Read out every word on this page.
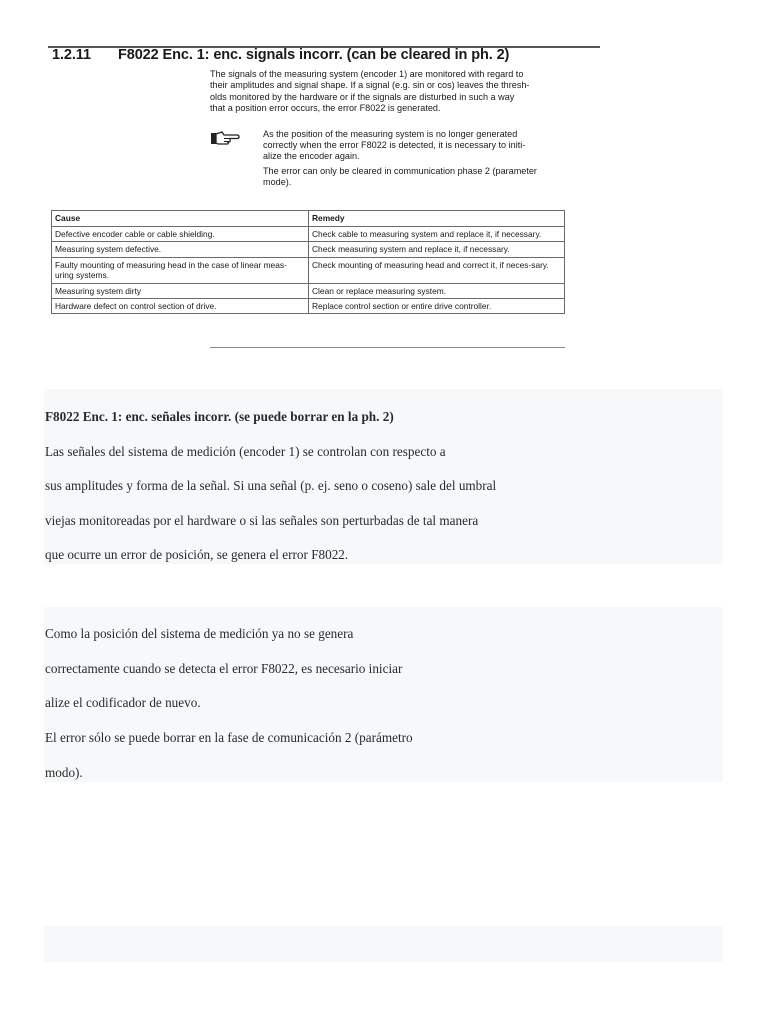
1.2.11 F8022 Enc. 1: enc. signals incorr. (can be cleared in ph. 2)
The signals of the measuring system (encoder 1) are monitored with regard to
their amplitudes and signal shape. If a signal (e.g. sin or cos) leaves the thresh-
olds monitored by the hardware or if the signals are disturbed in such a way
that a position error occurs, the error F8022 is generated.

As the position of the measuring system is no longer generated
correctly when the error F8022 is detected, it is necessary to initi-
alize the encoder again.

The error can only be cleared in communication phase 2 (parameter
mode).

Cause	Remedy
Defective encoder cable or cable shielding.	Check cable to measuring system and replace it, if necessary.
Measuring system defective.	Check measuring system and replace it, if necessary.
Faulty mounting of measuring head in the case of linear meas-uring systems.	Check mounting of measuring head and correct it, if neces-sary.
Measuring system dirty	Clean or replace measuring system.
Hardware defect on control section of drive.	Replace control section or entire drive controller.
F8022 Enc. 1: enc. señales incorr. (se puede borrar en la ph. 2)
Las señales del sistema de medición (encoder 1) se controlan con respecto a
sus amplitudes y forma de la señal. Si una señal (p. ej. seno o coseno) sale del umbral
viejas monitoreadas por el hardware o si las señales son perturbadas de tal manera
que ocurre un error de posición, se genera el error F8022.
Como la posición del sistema de medición ya no se genera
correctamente cuando se detecta el error F8022, es necesario iniciar
alize el codificador de nuevo.
El error sólo se puede borrar en la fase de comunicación 2 (parámetro
modo).
